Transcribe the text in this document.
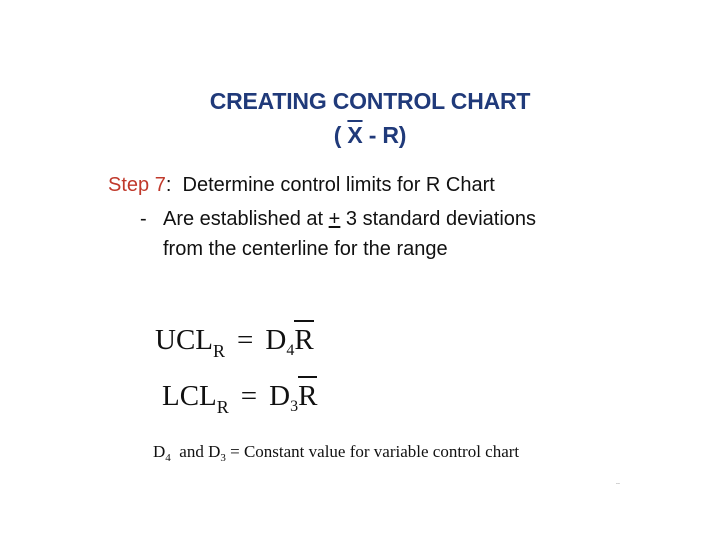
CREATING CONTROL CHART
( $\overline{X} - R$)
Step 7: Determine control limits for R Chart
- Are established at + 3 standard deviations
from the centerline for the range
$UCL_R = D_4R$
$LCL_R = D_3R$
$D_4$  and $D_3$ = Constant value for variable control chart
..
